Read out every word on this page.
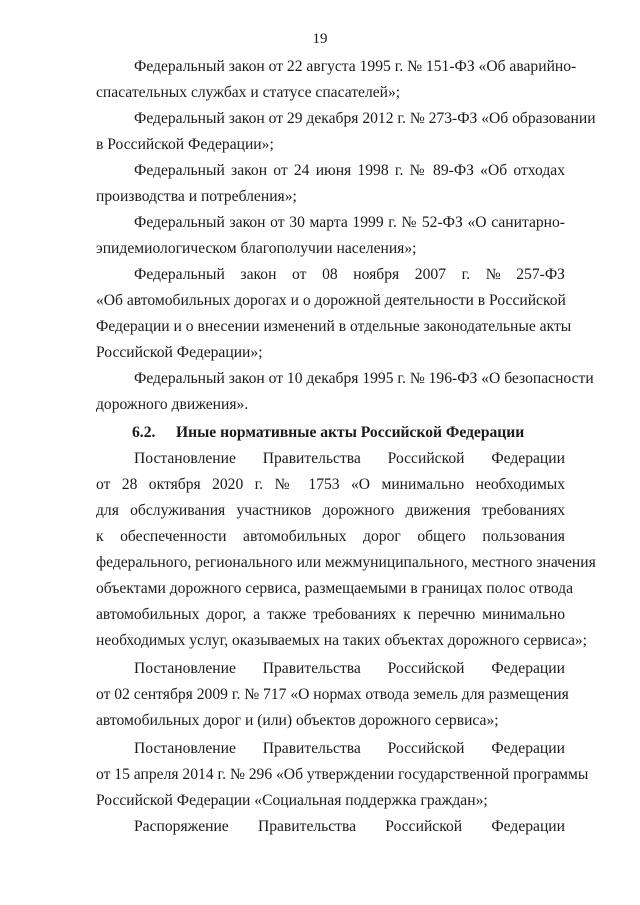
19
Федеральный закон от 22 августа 1995 г. № 151-ФЗ «Об аварийно-
спасательных службах и статусе спасателей»;
Федеральный закон от 29 декабря 2012 г. № 273-ФЗ «Об образовании
в Российской Федерации»;
Федеральный закон от 24 июня 1998 г. № 89-ФЗ «Об отходах
производства и потребления»;
Федеральный закон от 30 марта 1999 г. № 52-ФЗ «О санитарно-
эпидемиологическом благополучии населения»;
Федеральный закон от 08 ноября 2007 г. № 257-ФЗ
«Об автомобильных дорогах и о дорожной деятельности в Российской
Федерации и о внесении изменений в отдельные законодательные акты
Российской Федерации»;
Федеральный закон от 10 декабря 1995 г. № 196-ФЗ «О безопасности
дорожного движения».
6.2. Иные нормативные акты Российской Федерации
Постановление Правительства Российской Федерации
от 28 октября 2020 г. № 1753 «О минимально необходимых
для обслуживания участников дорожного движения требованиях
к обеспеченности автомобильных дорог общего пользования
федерального, регионального или межмуниципального, местного значения
объектами дорожного сервиса, размещаемыми в границах полос отвода
автомобильных дорог, а также требованиях к перечню минимально
необходимых услуг, оказываемых на таких объектах дорожного сервиса»;
Постановление Правительства Российской Федерации
от 02 сентября 2009 г. № 717 «О нормах отвода земель для размещения
автомобильных дорог и (или) объектов дорожного сервиса»;
Постановление Правительства Российской Федерации
от 15 апреля 2014 г. № 296 «Об утверждении государственной программы
Российской Федерации «Социальная поддержка граждан»;
Распоряжение Правительства Российской Федерации
